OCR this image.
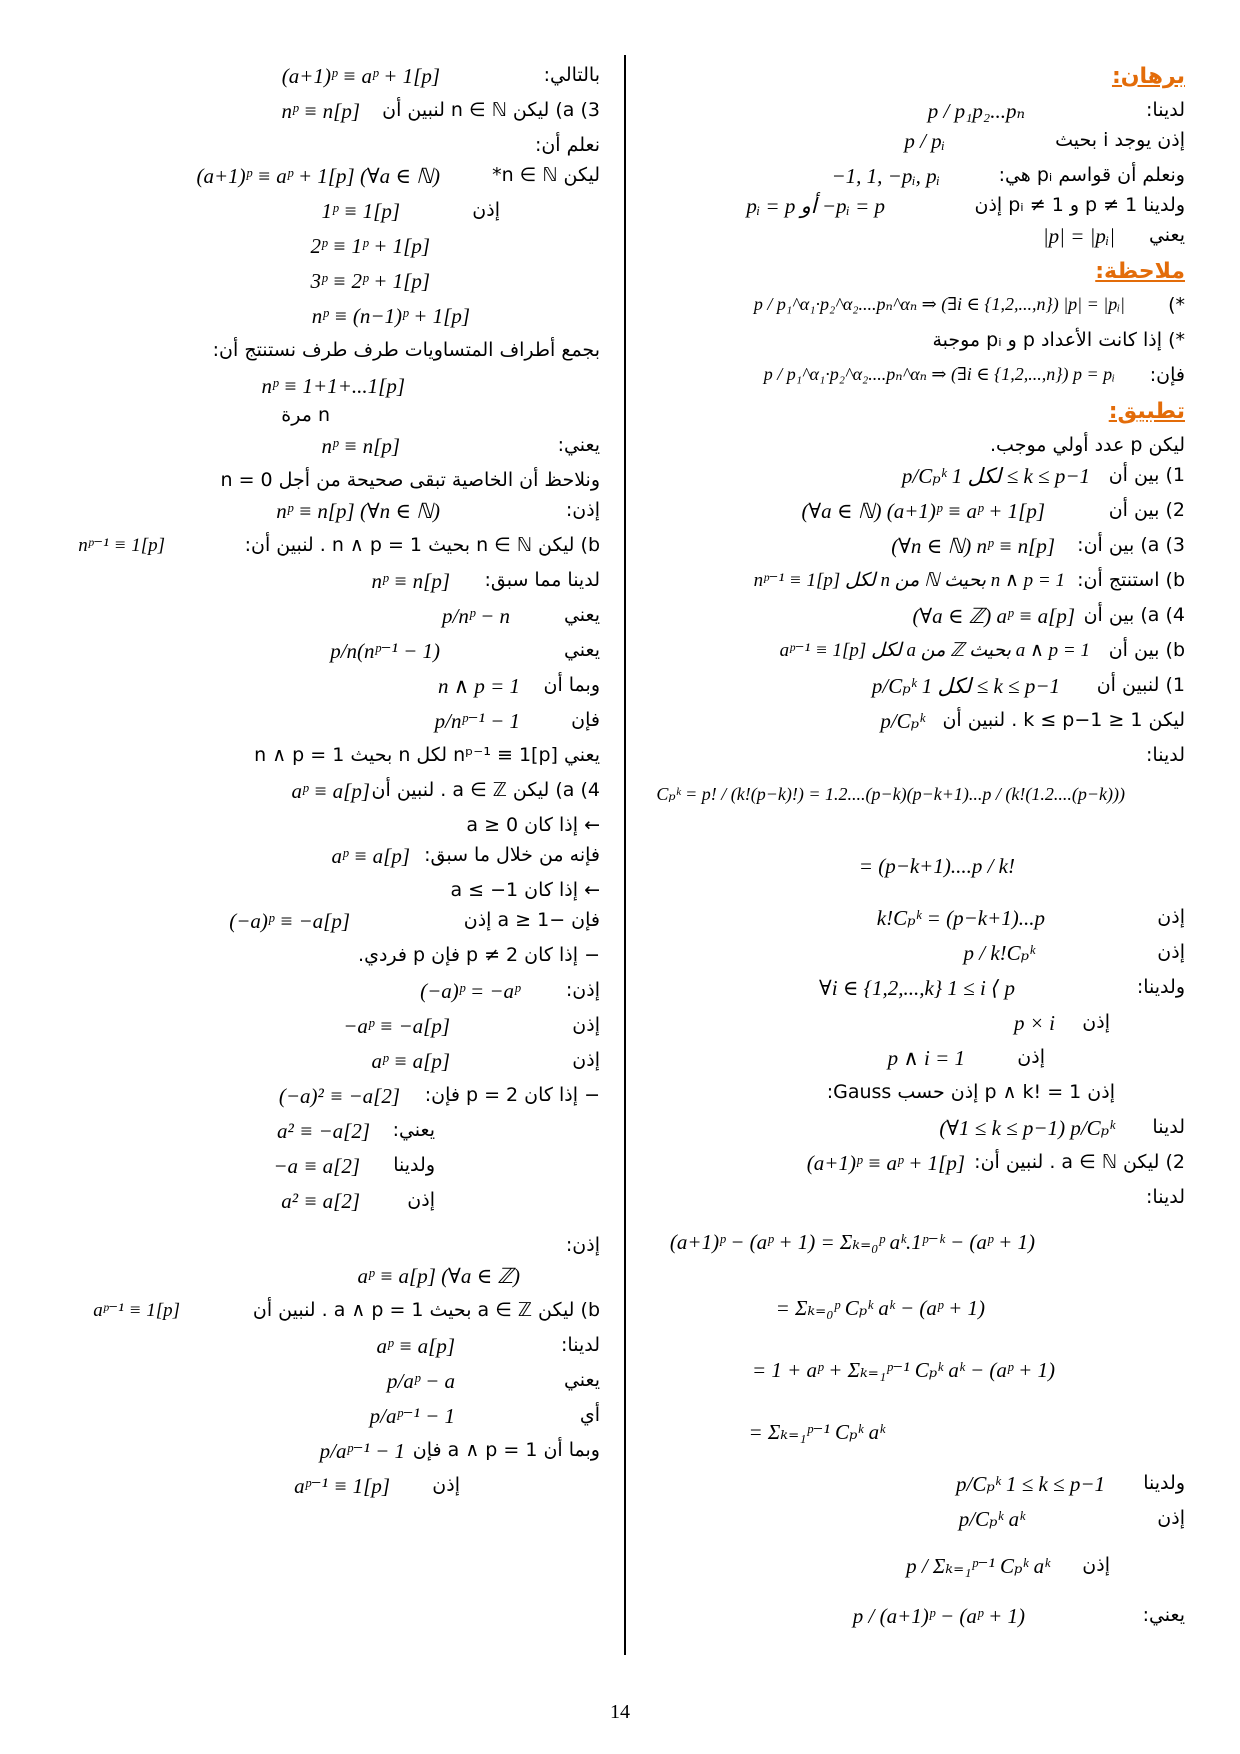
برهان:
لدينا:
p / p₁p₂...pₙ
إذن يوجد i بحيث
p / pᵢ
ونعلم أن قواسم pᵢ هي:
−1, 1, −pᵢ, pᵢ
ولدينا p ≠ 1 و pᵢ ≠ 1 إذن
pᵢ = p أو −pᵢ = p
يعني
|p| = |pᵢ|
ملاحظة:
*)
p / p₁^α₁·p₂^α₂....pₙ^αₙ ⇒ (∃i ∈ {1,2,...,n}) |p| = |pᵢ|
*) إذا كانت الأعداد p و pᵢ موجبة
فإن:
p / p₁^α₁·p₂^α₂....pₙ^αₙ ⇒ (∃i ∈ {1,2,...,n}) p = pᵢ
تطبيق:
ليكن p عدد أولي موجب.
1) بين أن
p/Cₚᵏ لكل 1 ≤ k ≤ p−1
2) بين أن
(∀a ∈ ℕ) (a+1)ᵖ ≡ aᵖ + 1[p]
3) a) بين أن:
(∀n ∈ ℕ) nᵖ ≡ n[p]
b) استنتج أن:
nᵖ⁻¹ ≡ 1[p] لكل n من ℕ بحيث n ∧ p = 1
4) a) بين أن
(∀a ∈ ℤ) aᵖ ≡ a[p]
b) بين أن
aᵖ⁻¹ ≡ 1[p] لكل a من ℤ بحيث a ∧ p = 1
1) لنبين أن
p/Cₚᵏ لكل 1 ≤ k ≤ p−1
ليكن 1 ≤ k ≤ p−1 . لنبين أن
p/Cₚᵏ
لدينا:
Cₚᵏ = p! / (k!(p−k)!) = 1.2....(p−k)(p−k+1)...p / (k!(1.2....(p−k)))
= (p−k+1)....p / k!
إذن
k!Cₚᵏ = (p−k+1)...p
إذن
p / k!Cₚᵏ
ولدينا:
∀i ∈ {1,2,...,k} 1 ≤ i ⟨ p
إذن
p × i
إذن
p ∧ i = 1
إذن p ∧ k! = 1 إذن حسب Gauss:
لدينا
(∀1 ≤ k ≤ p−1) p/Cₚᵏ
2) ليكن a ∈ ℕ . لنبين أن:
(a+1)ᵖ ≡ aᵖ + 1[p]
لدينا:
(a+1)ᵖ − (aᵖ + 1) = Σₖ₌₀ᵖ aᵏ.1ᵖ⁻ᵏ − (aᵖ + 1)
= Σₖ₌₀ᵖ Cₚᵏ aᵏ − (aᵖ + 1)
= 1 + aᵖ + Σₖ₌₁ᵖ⁻¹ Cₚᵏ aᵏ − (aᵖ + 1)
= Σₖ₌₁ᵖ⁻¹ Cₚᵏ aᵏ
ولدينا
p/Cₚᵏ 1 ≤ k ≤ p−1
إذن
p/Cₚᵏ aᵏ
إذن
p / Σₖ₌₁ᵖ⁻¹ Cₚᵏ aᵏ
يعني:
p / (a+1)ᵖ − (aᵖ + 1)
بالتالي:
(a+1)ᵖ ≡ aᵖ + 1[p]
3) a) ليكن n ∈ ℕ لنبين أن
nᵖ ≡ n[p]
نعلم أن:
ليكن n ∈ ℕ*
(a+1)ᵖ ≡ aᵖ + 1[p] (∀a ∈ ℕ)
إذن
1ᵖ ≡ 1[p]
2ᵖ ≡ 1ᵖ + 1[p]
3ᵖ ≡ 2ᵖ + 1[p]
nᵖ ≡ (n−1)ᵖ + 1[p]
بجمع أطراف المتساويات طرف طرف نستنتج أن:
nᵖ ≡ 1+1+...1[p]
n مرة
يعني:
nᵖ ≡ n[p]
ونلاحظ أن الخاصية تبقى صحيحة من أجل n = 0
إذن:
nᵖ ≡ n[p] (∀n ∈ ℕ)
b) ليكن n ∈ ℕ بحيث n ∧ p = 1 . لنبين أن:
nᵖ⁻¹ ≡ 1[p]
لدينا مما سبق:
nᵖ ≡ n[p]
يعني
p/nᵖ − n
يعني
p/n(nᵖ⁻¹ − 1)
وبما أن
n ∧ p = 1
فإن
p/nᵖ⁻¹ − 1
يعني nᵖ⁻¹ ≡ 1[p] لكل n بحيث n ∧ p = 1
4) a) ليكن a ∈ ℤ . لنبين أن
aᵖ ≡ a[p]
← إذا كان a ≥ 0
فإنه من خلال ما سبق:
aᵖ ≡ a[p]
← إذا كان a ≤ −1
فإن −a ≥ 1 إذن
(−a)ᵖ ≡ −a[p]
− إذا كان p ≠ 2 فإن p فردي.
إذن:
(−a)ᵖ = −aᵖ
إذن
−aᵖ ≡ −a[p]
إذن
aᵖ ≡ a[p]
− إذا كان p = 2 فإن:
(−a)² ≡ −a[2]
يعني:
a² ≡ −a[2]
ولدينا
−a ≡ a[2]
إذن
a² ≡ a[2]
إذن:
aᵖ ≡ a[p] (∀a ∈ ℤ)
b) ليكن a ∈ ℤ بحيث a ∧ p = 1 . لنبين أن
aᵖ⁻¹ ≡ 1[p]
لدينا:
aᵖ ≡ a[p]
يعني
p/aᵖ − a
أي
p/aᵖ⁻¹ − 1
وبما أن a ∧ p = 1 فإن
p/aᵖ⁻¹ − 1
إذن
aᵖ⁻¹ ≡ 1[p]
14
